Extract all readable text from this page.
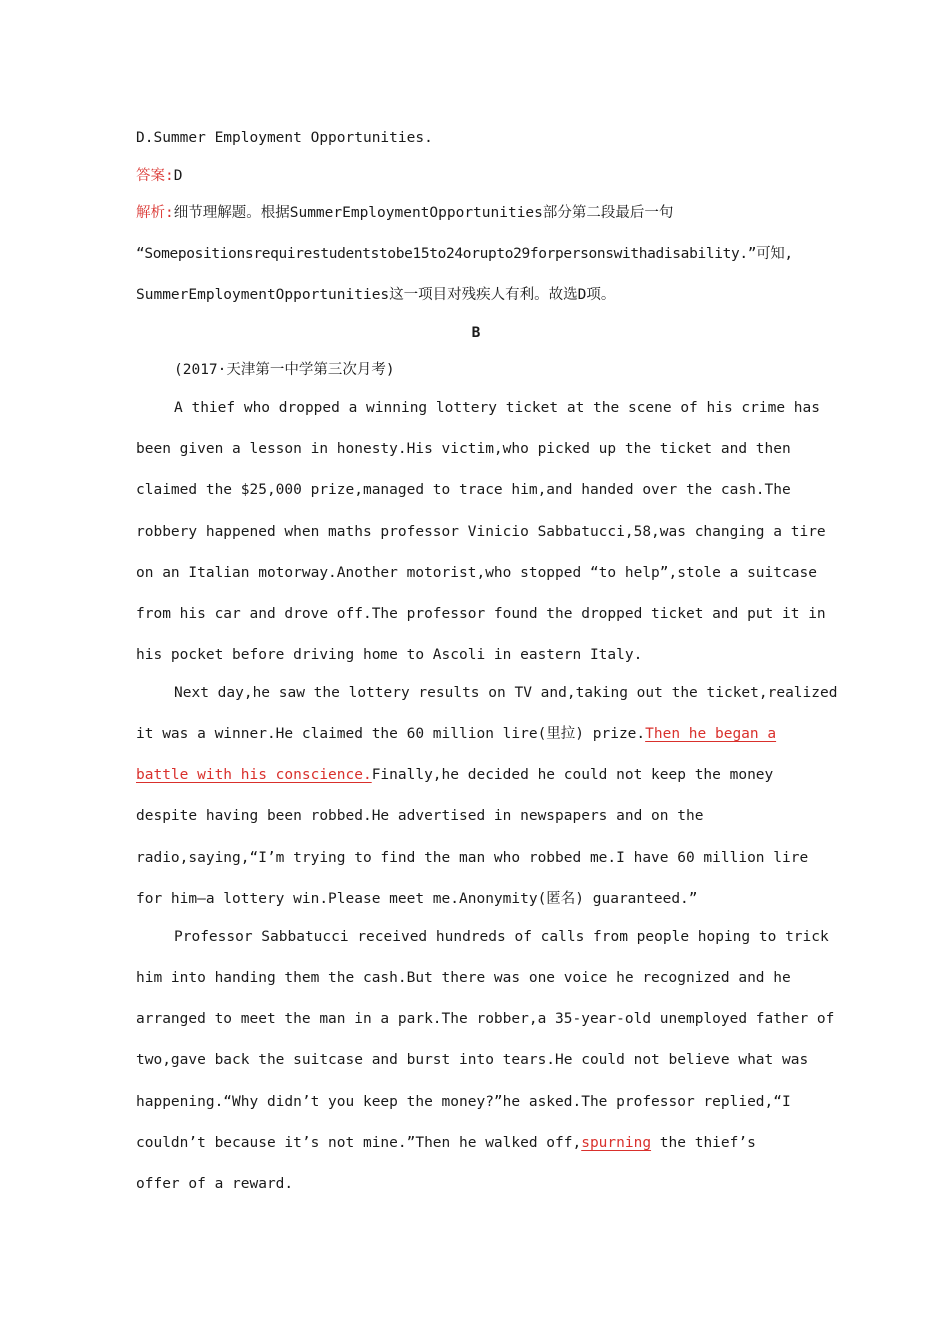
D.Summer Employment Opportunities.
答案:D
解析:细节理解题。根据SummerEmploymentOpportunities部分第二段最后一句
“Somepositionsrequirestudentstobe15to24orupto29forpersonswithadisability.”可知,
SummerEmploymentOpportunities这一项目对残疾人有利。故选D项。
B
(2017·天津第一中学第三次月考)
A thief who dropped a winning lottery ticket at the scene of his crime has
been given a lesson in honesty.His victim,who picked up the ticket and then
claimed the $25,000 prize,managed to trace him,and handed over the cash.The
robbery happened when maths professor Vinicio Sabbatucci,58,was changing a tire
on an Italian motorway.Another motorist,who stopped “to help”,stole a suitcase
from his car and drove off.The professor found the dropped ticket and put it in
his pocket before driving home to Ascoli in eastern Italy.
Next day,he saw the lottery results on TV and,taking out the ticket,realized
it was a winner.He claimed the 60 million lire(里拉) prize.Then he began a
battle with his conscience.Finally,he decided he could not keep the money
despite having been robbed.He advertised in newspapers and on the
radio,saying,“I’m trying to find the man who robbed me.I have 60 million lire
for him—a lottery win.Please meet me.Anonymity(匿名) guaranteed.”
Professor Sabbatucci received hundreds of calls from people hoping to trick
him into handing them the cash.But there was one voice he recognized and he
arranged to meet the man in a park.The robber,a 35-year-old unemployed father of
two,gave back the suitcase and burst into tears.He could not believe what was
happening.“Why didn’t you keep the money?”he asked.The professor replied,“I
couldn’t because it’s not mine.”Then he walked off,spurning the thief’s
offer of a reward.
